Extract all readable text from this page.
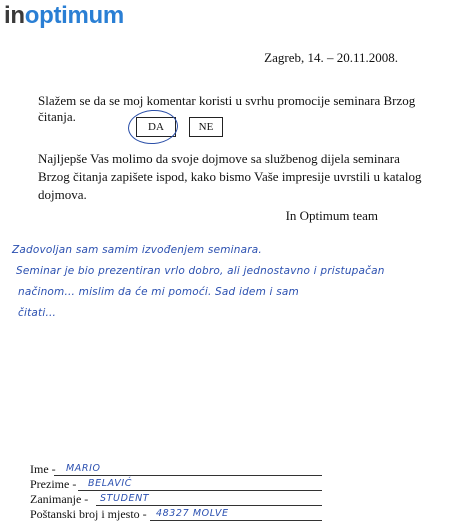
inoptimum
Zagreb, 14. – 20.11.2008.
Slažem se da se moj komentar koristi u svrhu promocije seminara Brzog čitanja.
DA	NE
Najljepše Vas molimo da svoje dojmove sa službenog dijela seminara Brzog čitanja zapišete ispod, kako bismo Vaše impresije uvrstili u katalog dojmova.
In Optimum team
Zadovoljan sam samim izvođenjem seminara.
Seminar je bio prezentiran vrlo dobro, ali jednostavno i pristupačan
načinom... mislim da će mi pomoći. Sad idem i sam
čitati...
Ime - MARIO
Prezime - BELAVIĆ
Zanimanje - STUDENT
Poštanski broj i mjesto - 48327 MOLVE
